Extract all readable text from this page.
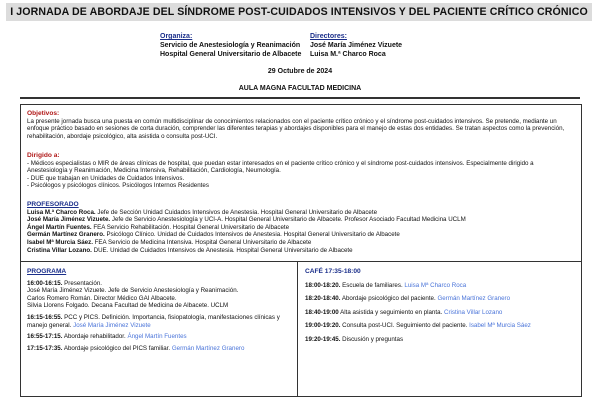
I JORNADA DE ABORDAJE DEL SÍNDROME POST-CUIDADOS INTENSIVOS Y DEL PACIENTE CRÍTICO CRÓNICO
Organiza:
Servicio de Anestesiología y Reanimación
Hospital General Universitario de Albacete
Directores:
José María Jiménez Vizuete
Luisa M.ª Charco Roca
29 Octubre de 2024
AULA MAGNA FACULTAD MEDICINA
Objetivos:
La presente jornada busca una puesta en común multidisciplinar de conocimientos relacionados con el paciente crítico crónico y el síndrome post-cuidados intensivos. Se pretende, mediante un enfoque práctico basado en sesiones de corta duración, comprender las diferentes terapias y abordajes disponibles para el manejo de estas dos entidades. Se tratan aspectos como la prevención, rehabilitación, abordaje psicológico, alta asistida o consulta post-UCI.
Dirigido a:
- Médicos especialistas o MIR de áreas clínicas de hospital, que puedan estar interesados en el paciente crítico crónico y el síndrome post-cuidados intensivos. Especialmente dirigido a Anestesiología y Reanimación, Medicina Intensiva, Rehabilitación, Cardiología, Neumología.
- DUE que trabajan en Unidades de Cuidados Intensivos.
- Psicólogos y psicólogos clínicos. Psicólogos Internos Residentes
PROFESORADO
Luisa M.ª Charco Roca. Jefe de Sección Unidad Cuidados Intensivos de Anestesia. Hospital General Universitario de Albacete
José María Jiménez Vizuete. Jefe de Servicio Anestesiología y UCI-A. Hospital General Universitario de Albacete. Profesor Asociado Facultad Medicina UCLM
Ángel Martín Fuentes. FEA Servicio Rehabilitación. Hospital General Universitario de Albacete
Germán Martínez Granero. Psicólogo Clínico. Unidad de Cuidados Intensivos de Anestesia. Hospital General Universitario de Albacete
Isabel Mª Murcia Sáez. FEA Servicio de Medicina Intensiva. Hospital General Universitario de Albacete
Cristina Villar Lozano. DUE. Unidad de Cuidados Intensivos de Anestesia. Hospital General Universitario de Albacete
PROGRAMA
16:00-16:15. Presentación.
José María Jiménez Vizuete. Jefe de Servicio Anestesiología y Reanimación.
Carlos Romero Román. Director Médico GAI Albacete.
Silvia Llorens Folgado. Decana Facultad de Medicina de Albacete. UCLM
16:15-16:55. PCC y PICS. Definición. Importancia, fisiopatología, manifestaciones clínicas y manejo general. José María Jiménez Vizuete
16:55-17:15. Abordaje rehabilitador. Ángel Martín Fuentes
17:15-17:35. Abordaje psicológico del PICS familiar. Germán Martínez Granero
CAFÉ 17:35-18:00
18:00-18:20. Escuela de familiares. Luisa Mª Charco Roca
18:20-18:40. Abordaje psicológico del paciente. Germán Martínez Granero
18:40-19:00 Alta asistida y seguimiento en planta. Cristina Villar Lozano
19:00-19:20. Consulta post-UCI. Seguimiento del paciente. Isabel Mª Murcia Sáez
19:20-19:45. Discusión y preguntas
